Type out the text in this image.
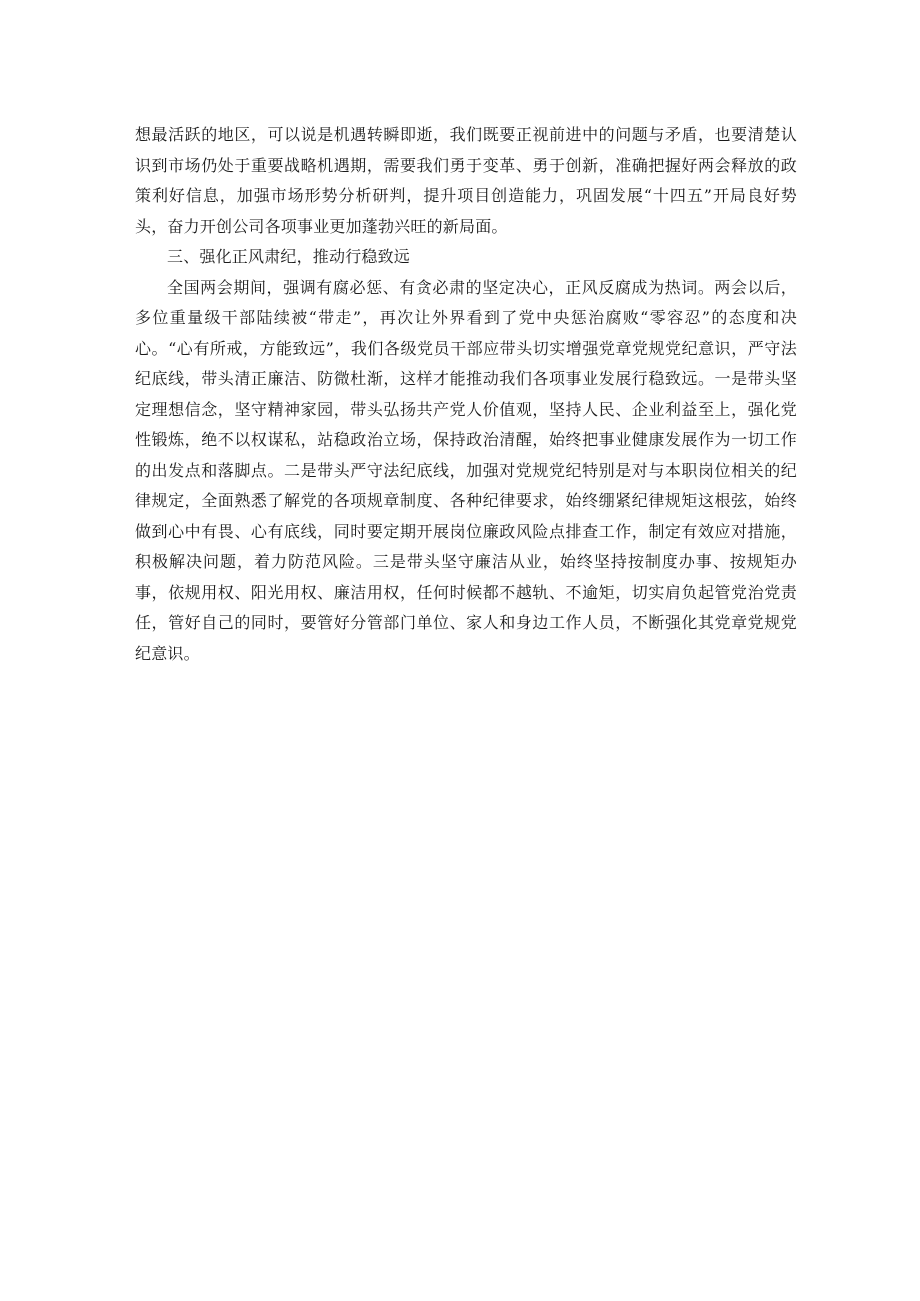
想最活跃的地区，可以说是机遇转瞬即逝，我们既要正视前进中的问题与矛盾，也要清楚认识到市场仍处于重要战略机遇期，需要我们勇于变革、勇于创新，准确把握好两会释放的政策利好信息，加强市场形势分析研判，提升项目创造能力，巩固发展“十四五”开局良好势头，奋力开创公司各项事业更加蓬勃兴旺的新局面。

三、强化正风肃纪，推动行稳致远

全国两会期间，强调有腐必惩、有贪必肃的坚定决心，正风反腐成为热词。两会以后，多位重量级干部陆续被“带走”，再次让外界看到了党中央惩治腐败“零容忍”的态度和决心。“心有所戒，方能致远”，我们各级党员干部应带头切实增强党章党规党纪意识，严守法纪底线，带头清正廉洁、防微杜渐，这样才能推动我们各项事业发展行稳致远。一是带头坚定理想信念，坚守精神家园，带头弘扬共产党人价值观，坚持人民、企业利益至上，强化党性锻炼，绝不以权谋私，站稳政治立场，保持政治清醒，始终把事业健康发展作为一切工作的出发点和落脚点。二是带头严守法纪底线，加强对党规党纪特别是对与本职岗位相关的纪律规定，全面熟悉了解党的各项规章制度、各种纪律要求，始终绷紧纪律规矩这根弦，始终做到心中有畏、心有底线，同时要定期开展岗位廉政风险点排查工作，制定有效应对措施，积极解决问题，着力防范风险。三是带头坚守廉洁从业，始终坚持按制度办事、按规矩办事，依规用权、阳光用权、廉洁用权，任何时候都不越轨、不逾矩，切实肩负起管党治党责任，管好自己的同时，要管好分管部门单位、家人和身边工作人员，不断强化其党章党规党纪意识。
